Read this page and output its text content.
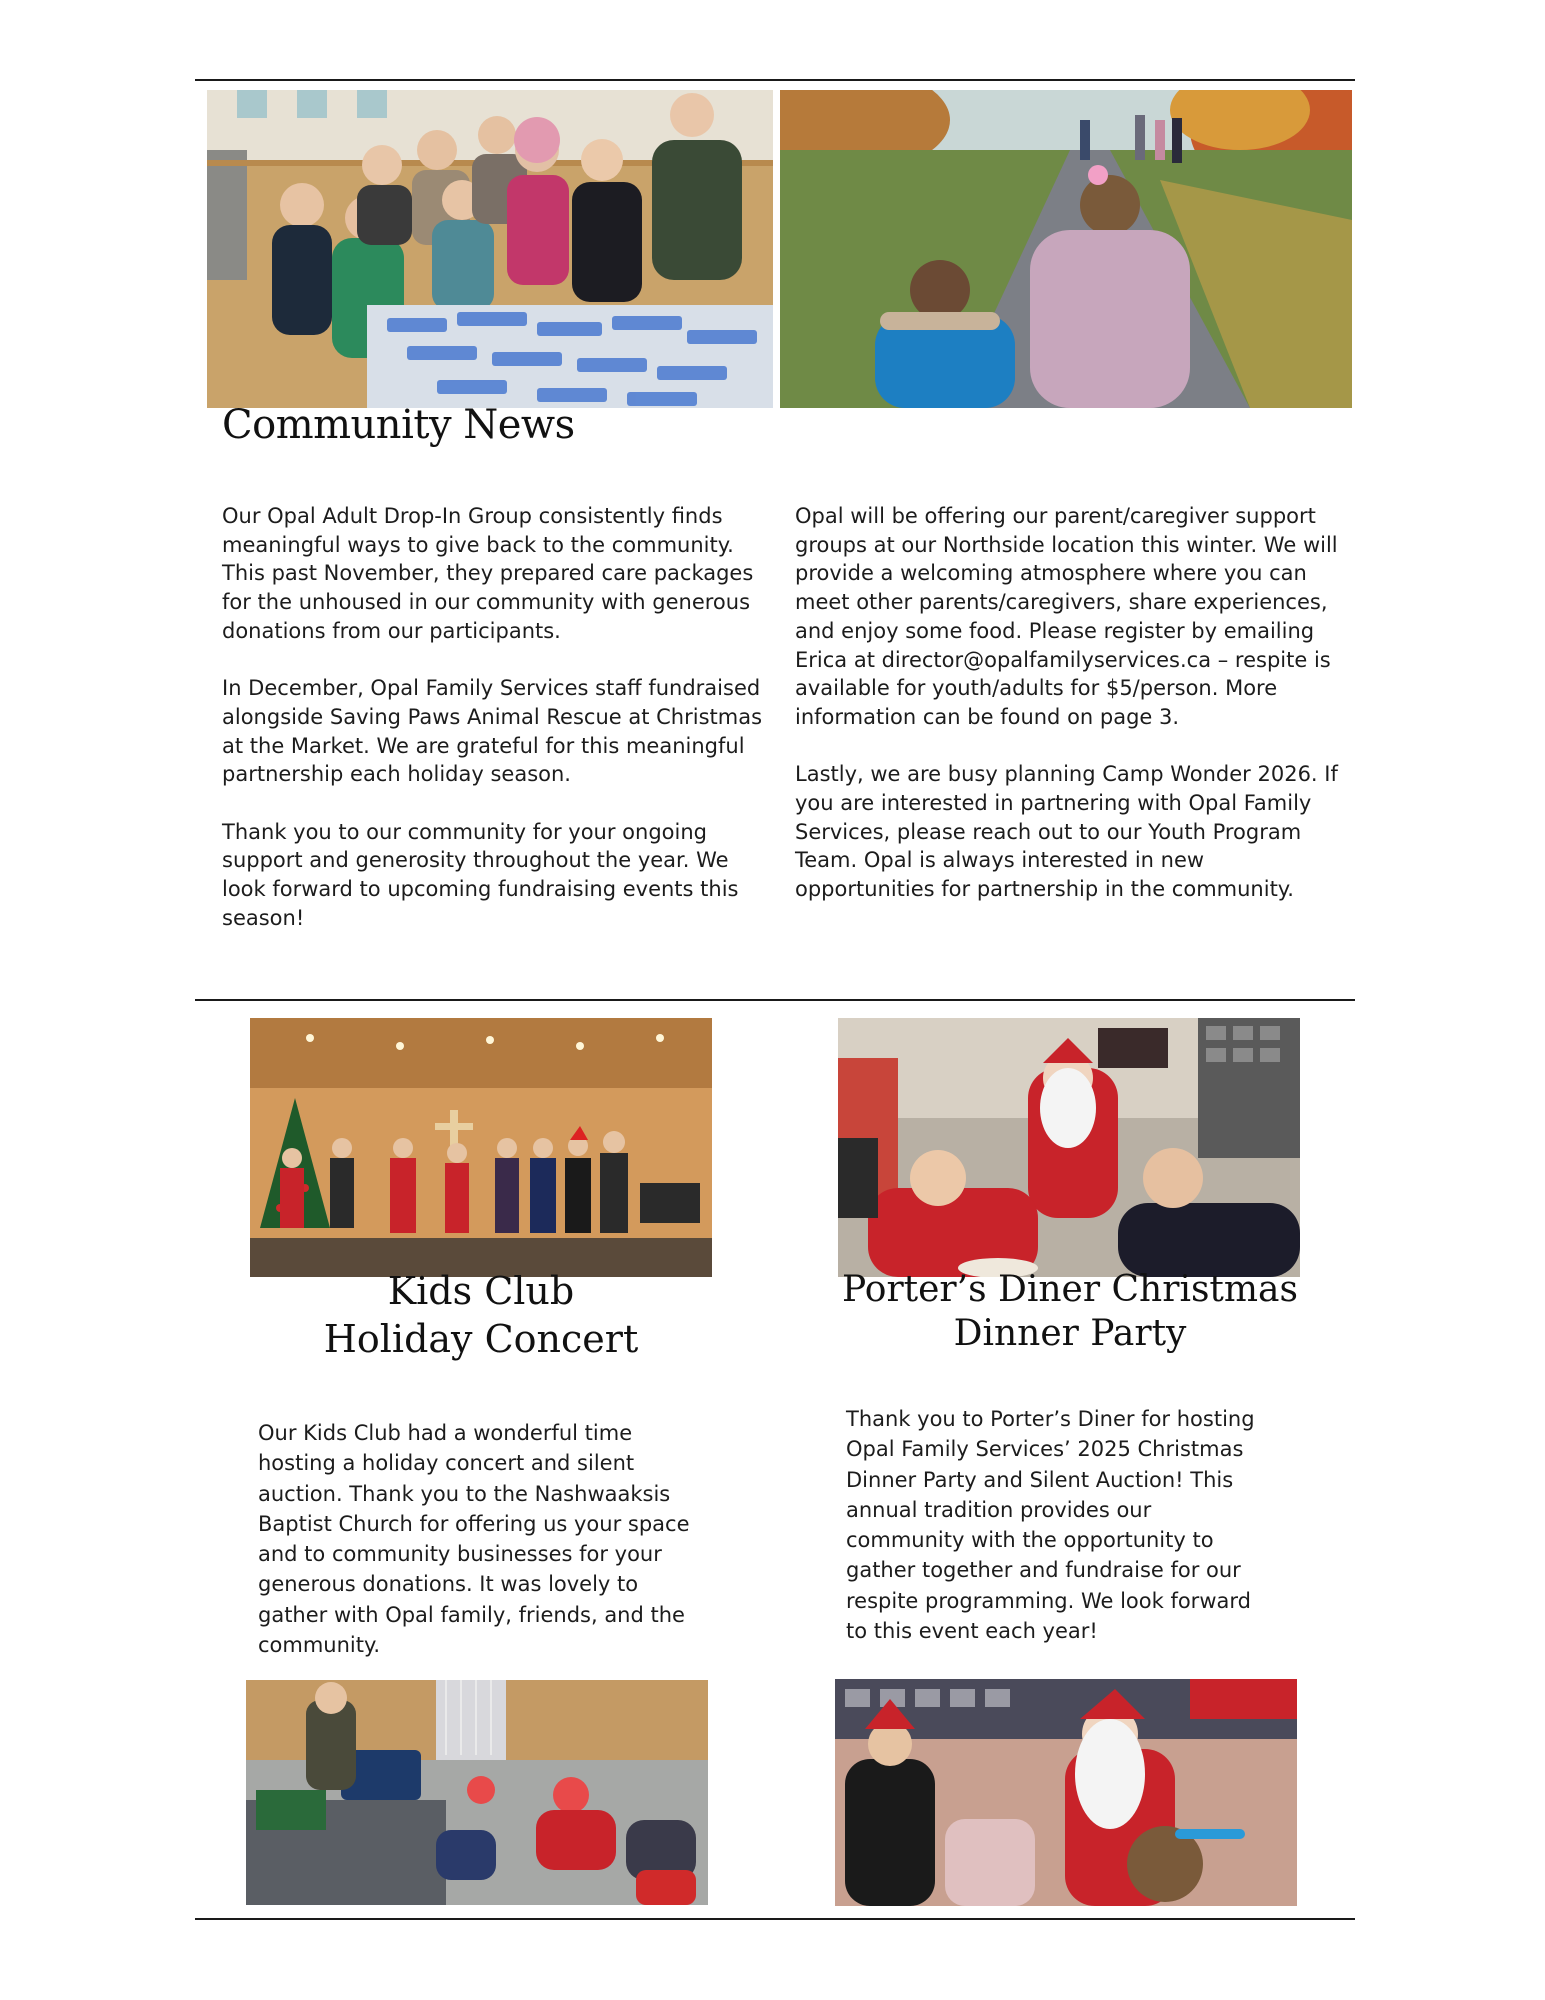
Community News

Our Opal Adult Drop-In Group consistently finds meaningful ways to give back to the community. This past November, they prepared care packages for the unhoused in our community with generous donations from our participants.

In December, Opal Family Services staff fundraised alongside Saving Paws Animal Rescue at Christmas at the Market. We are grateful for this meaningful partnership each holiday season.

Thank you to our community for your ongoing support and generosity throughout the year. We look forward to upcoming fundraising events this season!

Opal will be offering our parent/caregiver support groups at our Northside location this winter. We will provide a welcoming atmosphere where you can meet other parents/caregivers, share experiences, and enjoy some food. Please register by emailing Erica at director@opalfamilyservices.ca – respite is available for youth/adults for $5/person. More information can be found on page 3.

Lastly, we are busy planning Camp Wonder 2026. If you are interested in partnering with Opal Family Services, please reach out to our Youth Program Team. Opal is always interested in new opportunities for partnership in the community.

Kids Club
Holiday Concert
Porter’s Diner Christmas
Dinner Party
Our Kids Club had a wonderful time hosting a holiday concert and silent auction. Thank you to the Nashwaaksis Baptist Church for offering us your space and to community businesses for your generous donations. It was lovely to gather with Opal family, friends, and the community.
Thank you to Porter’s Diner for hosting Opal Family Services’ 2025 Christmas Dinner Party and Silent Auction! This annual tradition provides our community with the opportunity to gather together and fundraise for our respite programming. We look forward to this event each year!
